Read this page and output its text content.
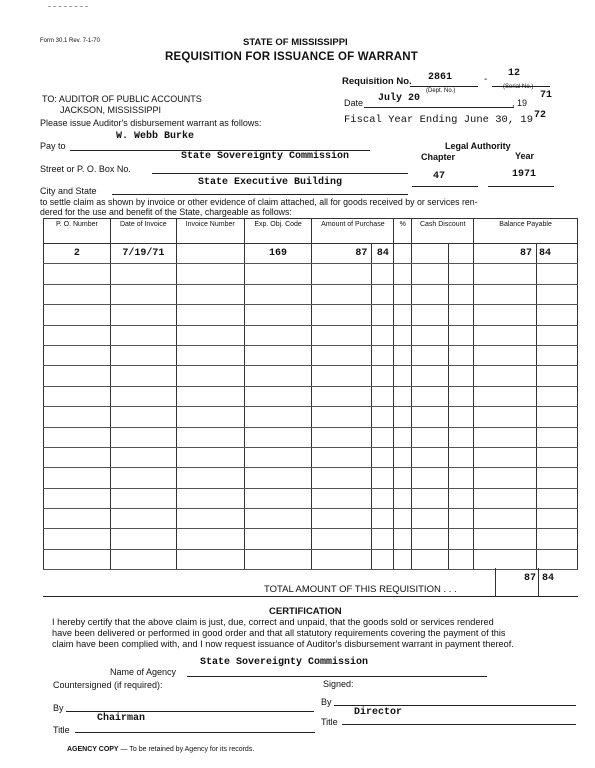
Form 30.1 Rev. 7-1-70	STATE OF MISSISSIPPI
REQUISITION FOR ISSUANCE OF WARRANT
Requisition No. 2861	-
12
(Dept. No.)
(Serial No.)
TO: AUDITOR OF PUBLIC ACCOUNTS
JACKSON, MISSISSIPPI
Please issue Auditor's disbursement warrant as follows:
Date July 20	, 19
71
Fiscal Year Ending June 30, 19 72
Pay to
W. Webb Burke
Legal Authority
Chapter	Year
Street or P. O. Box No.
State Sovereignty Commission
47	1971
City and State
State Executive Building
to settle claim as shown by invoice or other evidence of claim attached, all for goods received by or services ren-
dered for the use and benefit of the State, chargeable as follows:
P. O. Number	Date of Invoice	Invoice Number	Exp. Obj. Code	Amount of Purchase		%	Cash Discount		Balance Payable	
2	7/19/71		169	87	84				87	84

TOTAL AMOUNT OF THIS REQUISITION . . .
87 84
CERTIFICATION
I hereby certify that the above claim is just, due, correct and unpaid, that the goods sold or services rendered
have been delivered or performed in good order and that all statutory requirements covering the payment of this
claim have been complied with, and I now request issuance of Auditor's disbursement warrant in payment thereof.
Name of Agency
State Sovereignty Commission
Countersigned (if required):	Signed:
By
By
Title
Chairman	Title
Director
AGENCY COPY — To be retained by Agency for its records.
